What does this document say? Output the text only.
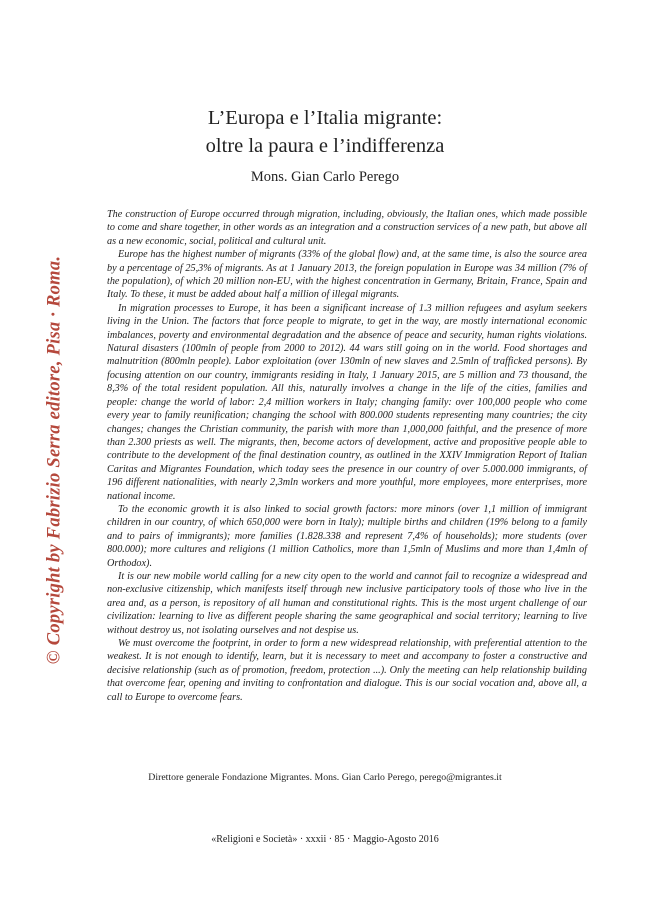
© Copyright by Fabrizio Serra editore, Pisa · Roma.
L’Europa e l’Italia migrante:
oltre la paura e l’indifferenza
Mons. Gian Carlo Perego

The construction of Europe occurred through migration, including, obviously, the Italian ones, which made possible to come and share together, in other words as an integration and a construction services of a new path, but above all as a new economic, social, political and cultural unit.

Europe has the highest number of migrants (33% of the global flow) and, at the same time, is also the source area by a percentage of 25,3% of migrants. As at 1 January 2013, the foreign population in Europe was 34 million (7% of the population), of which 20 million non-EU, with the highest concentration in Germany, Britain, France, Spain and Italy. To these, it must be added about half a million of illegal migrants.

In migration processes to Europe, it has been a significant increase of 1.3 million refugees and asylum seekers living in the Union. The factors that force people to migrate, to get in the way, are mostly international economic imbalances, poverty and environmental degradation and the absence of peace and security, human rights violations. Natural disasters (100mln of people from 2000 to 2012). 44 wars still going on in the world. Food shortages and malnutrition (800mln people). Labor exploitation (over 130mln of new slaves and 2.5mln of trafficked persons). By focusing attention on our country, immigrants residing in Italy, 1 January 2015, are 5 million and 73 thousand, the 8,3% of the total resident population. All this, naturally involves a change in the life of the cities, families and people: change the world of labor: 2,4 million workers in Italy; changing family: over 100,000 people who come every year to family reunification; changing the school with 800.000 students representing many countries; the city changes; changes the Christian community, the parish with more than 1,000,000 faithful, and the presence of more than 2.300 priests as well. The migrants, then, become actors of development, active and propositive people able to contribute to the development of the final destination country, as outlined in the XXIV Immigration Report of Italian Caritas and Migrantes Foundation, which today sees the presence in our country of over 5.000.000 immigrants, of 196 different nationalities, with nearly 2,3mln workers and more youthful, more employees, more enterprises, more national income.

To the economic growth it is also linked to social growth factors: more minors (over 1,1 million of immigrant children in our country, of which 650,000 were born in Italy); multiple births and children (19% belong to a family and to pairs of immigrants); more families (1.828.338 and represent 7,4% of households); more students (over 800.000); more cultures and religions (1 million Catholics, more than 1,5mln of Muslims and more than 1,4mln of Orthodox).

It is our new mobile world calling for a new city open to the world and cannot fail to recognize a widespread and non-exclusive citizenship, which manifests itself through new inclusive participatory tools of those who live in the area and, as a person, is repository of all human and constitutional rights. This is the most urgent challenge of our civilization: learning to live as different people sharing the same geographical and social territory; learning to live without destroy us, not isolating ourselves and not despise us.

We must overcome the footprint, in order to form a new widespread relationship, with preferential attention to the weakest. It is not enough to identify, learn, but it is necessary to meet and accompany to foster a constructive and decisive relationship (such as of promotion, freedom, protection ...). Only the meeting can help relationship building that overcome fear, opening and inviting to confrontation and dialogue. This is our social vocation and, above all, a call to Europe to overcome fears.

Direttore generale Fondazione Migrantes. Mons. Gian Carlo Perego, perego@migrantes.it
«Religioni e Società» · xxxii · 85 · Maggio-Agosto 2016
